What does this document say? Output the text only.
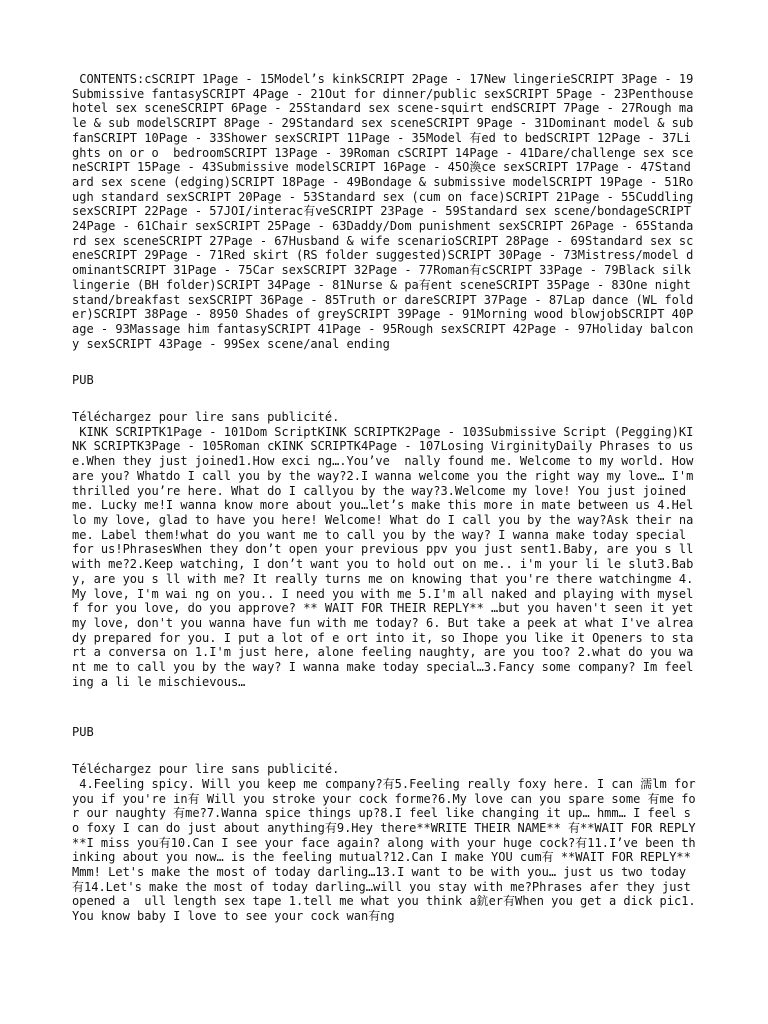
CONTENTS:cSCRIPT 1Page - 15Model’s kinkSCRIPT 2Page - 17New lingerieSCRIPT 3Page - 19Submissive fantasySCRIPT 4Page - 21Out for dinner/public sexSCRIPT 5Page - 23Penthouse hotel sex sceneSCRIPT 6Page - 25Standard sex scene-squirt endSCRIPT 7Page - 27Rough male & sub modelSCRIPT 8Page - 29Standard sex sceneSCRIPT 9Page - 31Dominant model & sub fanSCRIPT 10Page - 33Shower sexSCRIPT 11Page - 35Model 有ed to bedSCRIPT 12Page - 37Lights on or o  bedroomSCRIPT 13Page - 39Roman cSCRIPT 14Page - 41Dare/challenge sex sceneSCRIPT 15Page - 43Submissive modelSCRIPT 16Page - 45O渙ce sexSCRIPT 17Page - 47Standard sex scene (edging)SCRIPT 18Page - 49Bondage & submissive modelSCRIPT 19Page - 51Rough standard sexSCRIPT 20Page - 53Standard sex (cum on face)SCRIPT 21Page - 55Cuddling sexSCRIPT 22Page - 57JOI/interac有veSCRIPT 23Page - 59Standard sex scene/bondageSCRIPT 24Page - 61Chair sexSCRIPT 25Page - 63Daddy/Dom punishment sexSCRIPT 26Page - 65Standard sex sceneSCRIPT 27Page - 67Husband & wife scenarioSCRIPT 28Page - 69Standard sex sceneSCRIPT 29Page - 71Red skirt (RS folder suggested)SCRIPT 30Page - 73Mistress/model dominantSCRIPT 31Page - 75Car sexSCRIPT 32Page - 77Roman有cSCRIPT 33Page - 79Black silk lingerie (BH folder)SCRIPT 34Page - 81Nurse & pa有ent sceneSCRIPT 35Page - 83One night stand/breakfast sexSCRIPT 36Page - 85Truth or dareSCRIPT 37Page - 87Lap dance (WL folder)SCRIPT 38Page - 8950 Shades of greySCRIPT 39Page - 91Morning wood blowjobSCRIPT 40Page - 93Massage him fantasySCRIPT 41Page - 95Rough sexSCRIPT 42Page - 97Holiday balcony sexSCRIPT 43Page - 99Sex scene/anal ending

PUB

Téléchargez pour lire sans publicité.

KINK SCRIPTK1Page - 101Dom ScriptKINK SCRIPTK2Page - 103Submissive Script (Pegging)KINK SCRIPTK3Page - 105Roman cKINK SCRIPTK4Page - 107Losing VirginityDaily Phrases to use.When they just joined1.How exci ng….You’ve  nally found me. Welcome to my world. How are you? Whatdo I call you by the way?2.I wanna welcome you the right way my love… I'm thrilled you’re here. What do I callyou by the way?3.Welcome my love! You just joined me. Lucky me!I wanna know more about you…let’s make this more in mate between us 4.Hello my love, glad to have you here! Welcome! What do I call you by the way?Ask their name. Label them!what do you want me to call you by the way? I wanna make today special for us!PhrasesWhen they don’t open your previous ppv you just sent1.Baby, are you s ll with me?2.Keep watching, I don’t want you to hold out on me.. i'm your li le slut3.Baby, are you s ll with me? It really turns me on knowing that you're there watchingme 4.My love, I'm wai ng on you.. I need you with me 5.I'm all naked and playing with myself for you love, do you approve? ** WAIT FOR THEIR REPLY** …but you haven't seen it yet my love, don't you wanna have fun with me today? 6. But take a peek at what I've already prepared for you. I put a lot of e ort into it, so Ihope you like it Openers to start a conversa on 1.I'm just here, alone feeling naughty, are you too? 2.what do you want me to call you by the way? I wanna make today special…3.Fancy some company? Im feeling a li le mischievous…

PUB

Téléchargez pour lire sans publicité.

4.Feeling spicy. Will you keep me company?有5.Feeling really foxy here. I can 濡lm for you if you're in有 Will you stroke your cock forme?6.My love can you spare some 有me for our naughty 有me?7.Wanna spice things up?8.I feel like changing it up… hmm… I feel so foxy I can do just about anything有9.Hey there**WRITE THEIR NAME** 有**WAIT FOR REPLY**I miss you有10.Can I see your face again? along with your huge cock?有11.I’ve been thinking about you now… is the feeling mutual?12.Can I make YOU cum有 **WAIT FOR REPLY** Mmm! Let's make the most of today darling…13.I want to be with you… just us two today有14.Let's make the most of today darling…will you stay with me?Phrases afer they just opened a  ull length sex tape 1.tell me what you think a鈧er有When you get a dick pic1.You know baby I love to see your cock wan有ng
